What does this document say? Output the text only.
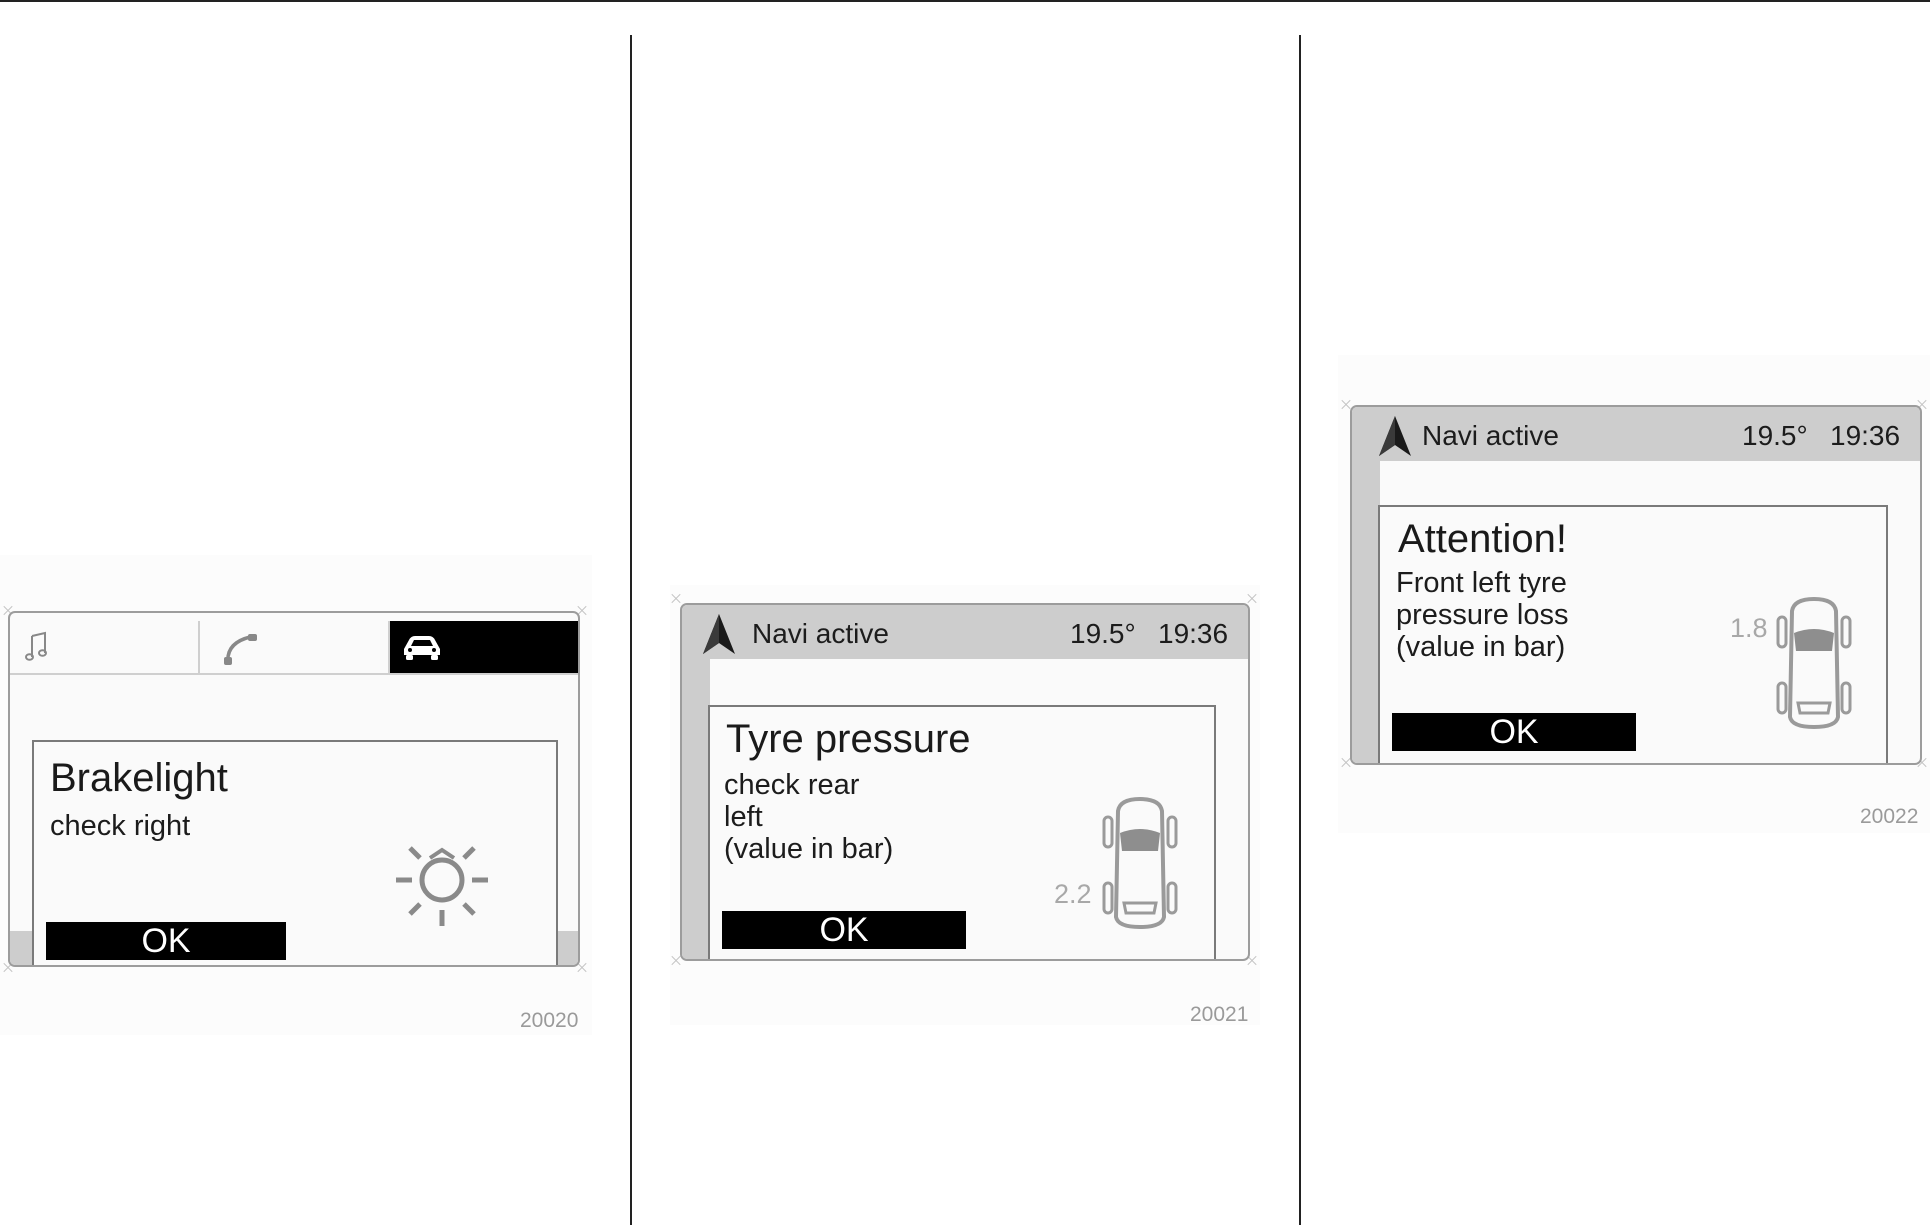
Brakelight
check right
OK
20020
Navi active	19.5° 19:36
Tyre pressure
check rear
left
(value in bar)
2.2
OK
20021
Navi active	19.5° 19:36
Attention!
Front left tyre
pressure loss
(value in bar)
1.8
OK
20022
